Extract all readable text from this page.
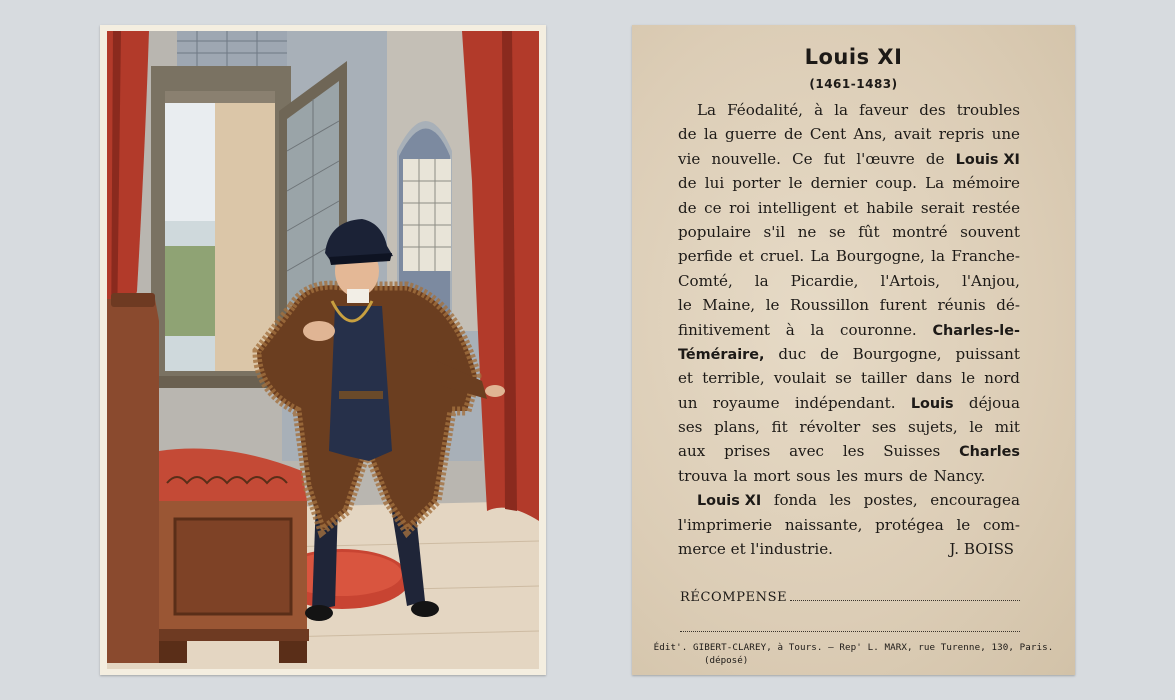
Louis XI
(1461-1483)
La Féodalité, à la faveur des troubles
de la guerre de Cent Ans, avait repris une
vie nouvelle. Ce fut l'œuvre de Louis XI
de lui porter le dernier coup. La mémoire
de ce roi intelligent et habile serait restée
populaire s'il ne se fût montré souvent
perfide et cruel. La Bourgogne, la Franche-
Comté, la Picardie, l'Artois, l'Anjou,
le Maine, le Roussillon furent réunis dé-
finitivement à la couronne. Charles-le-
Téméraire, duc de Bourgogne, puissant
et terrible, voulait se tailler dans le nord
un royaume indépendant. Louis déjoua
ses plans, fit révolter ses sujets, le mit
aux prises avec les Suisses Charles
trouva la mort sous les murs de Nancy.
Louis XI fonda les postes, encouragea
l'imprimerie naissante, protégea le com-
merce et l'industrie.	J. BOISS
RÉCOMPENSE
Édit'. GIBERT-CLAREY, à Tours. — Rep' L. MARX, rue Turenne, 130, Paris.
(déposé)
